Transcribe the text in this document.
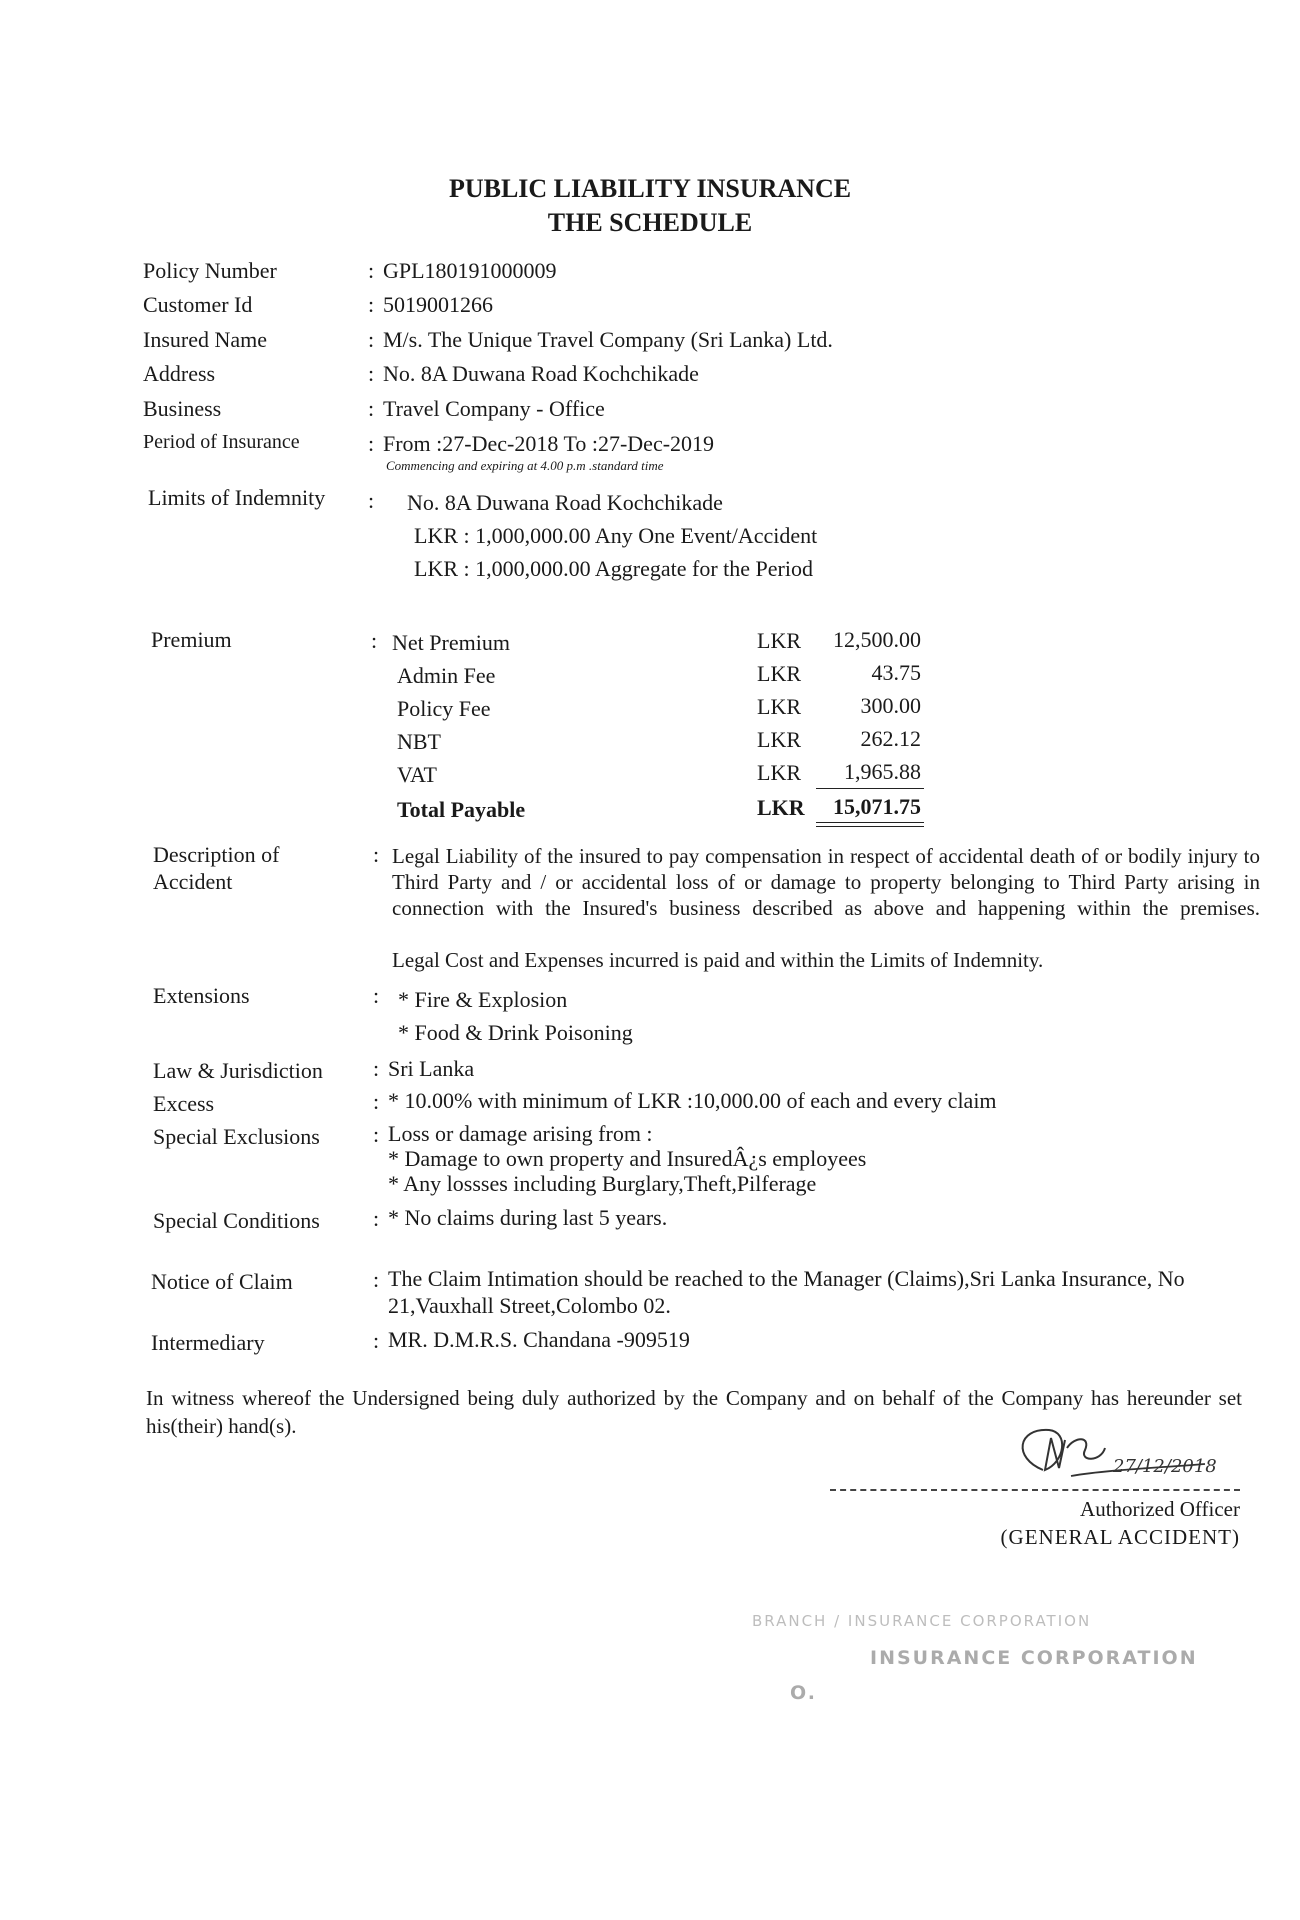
PUBLIC LIABILITY INSURANCE
THE SCHEDULE
Policy Number	: GPL180191000009
Customer Id	: 5019001266
Insured Name	: M/s. The Unique Travel Company (Sri Lanka) Ltd.
Address	: No. 8A Duwana Road Kochchikade
Business	: Travel Company - Office
Period of Insurance	: From :27-Dec-2018 To :27-Dec-2019
Commencing and expiring at 4.00 p.m .standard time
Limits of Indemnity : No. 8A Duwana Road Kochchikade
LKR : 1,000,000.00 Any One Event/Accident
LKR : 1,000,000.00 Aggregate for the Period
Premium	: Net Premium	LKR 12,500.00
Admin Fee	LKR	43.75
Policy Fee	LKR	300.00
NBT	LKR	262.12
VAT	LKR 1,965.88
Total Payable	LKR 15,071.75
Description of
Accident
: Legal Liability of the insured to pay compensation in respect of accidental death of or bodily injury to Third Party and / or accidental loss of or damage to property belonging to Third Party arising in connection with the Insured's business described as above and happening within the premises.
Legal Cost and Expenses incurred is paid and within the Limits of Indemnity.
Extensions	: * Fire & Explosion
* Food & Drink Poisoning
Law & Jurisdiction : Sri Lanka
Excess	: * 10.00% with minimum of LKR :10,000.00 of each and every claim
Special Exclusions : Loss or damage arising from :
* Damage to own property and InsuredÂ¿s employees
* Any lossses including Burglary,Theft,Pilferage
Special Conditions : * No claims during last 5 years.
Notice of Claim	: The Claim Intimation should be reached to the Manager (Claims),Sri Lanka Insurance, No
21,Vauxhall Street,Colombo 02.
Intermediary	: MR. D.M.R.S. Chandana -909519
In witness whereof the Undersigned being duly authorized by the Company and on behalf of the Company has hereunder set his(their) hand(s).
27/12/2018
Authorized Officer
(GENERAL ACCIDENT)
BRANCH / INSURANCE CORPORATION
INSURANCE CORPORATION
O.
